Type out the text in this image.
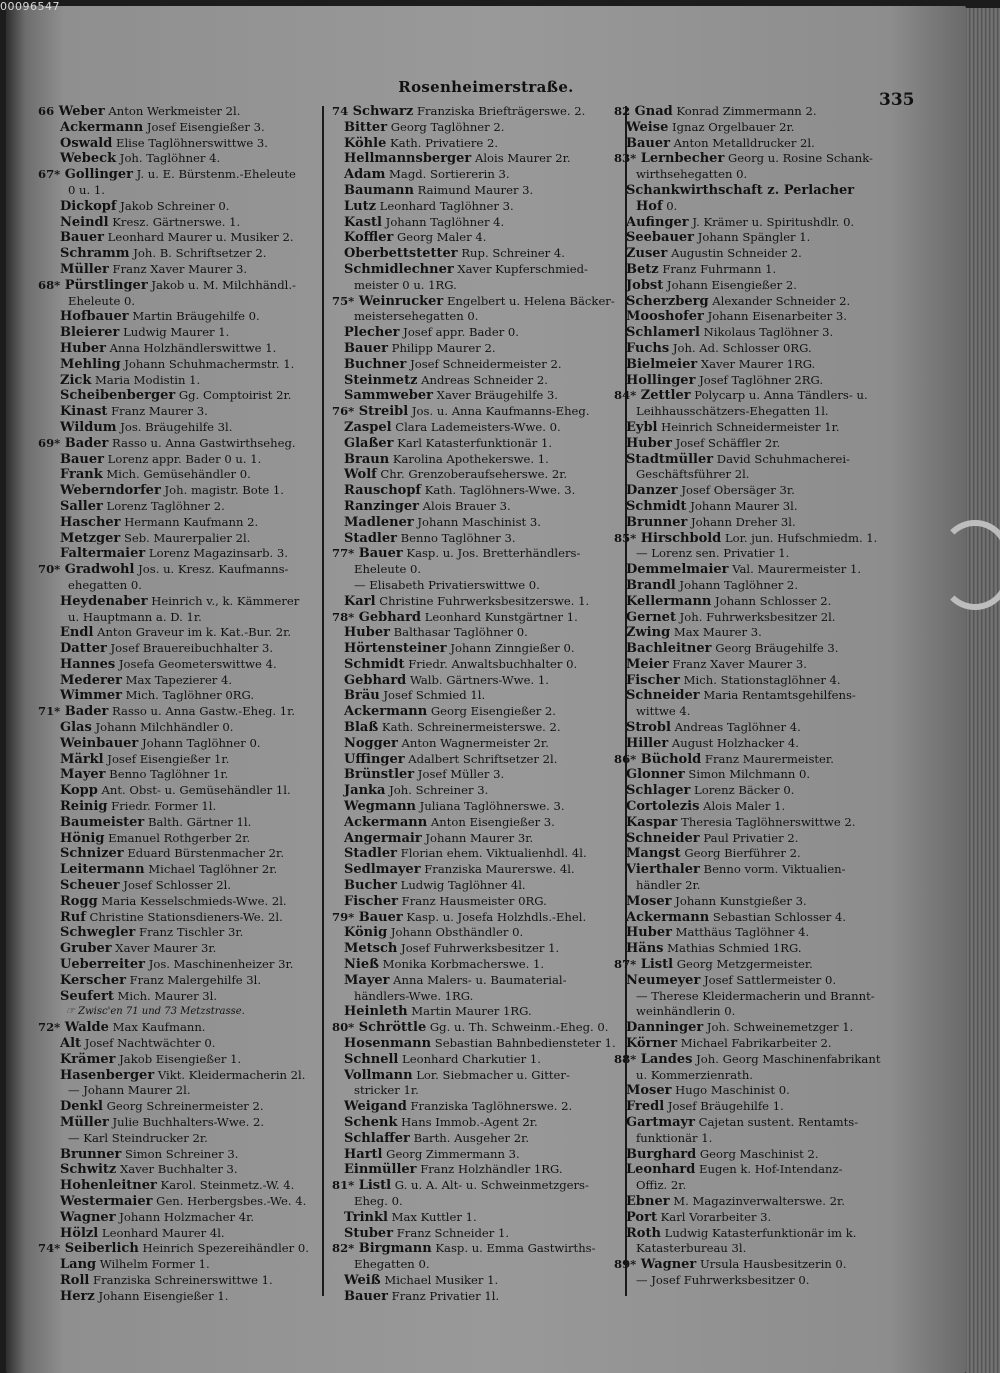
00096547
Rosenheimerstraße.
335
66 Weber Anton Werkmeister 2l.
Ackermann Josef Eisengießer 3.
Oswald Elise Taglöhnerswittwe 3.
Webeck Joh. Taglöhner 4.
67* Gollinger J. u. E. Bürstenm.-Eheleute
0 u. 1.
Dickopf Jakob Schreiner 0.
Neindl Kresz. Gärtnerswe. 1.
Bauer Leonhard Maurer u. Musiker 2.
Schramm Joh. B. Schriftsetzer 2.
Müller Franz Xaver Maurer 3.
68* Pürstlinger Jakob u. M. Milchhändl.-
Eheleute 0.
Hofbauer Martin Bräugehilfe 0.
Bleierer Ludwig Maurer 1.
Huber Anna Holzhändlerswittwe 1.
Mehling Johann Schuhmachermstr. 1.
Zick Maria Modistin 1.
Scheibenberger Gg. Comptoirist 2r.
Kinast Franz Maurer 3.
Wildum Jos. Bräugehilfe 3l.
69* Bader Rasso u. Anna Gastwirthseheg.
Bauer Lorenz appr. Bader 0 u. 1.
Frank Mich. Gemüsehändler 0.
Weberndorfer Joh. magistr. Bote 1.
Saller Lorenz Taglöhner 2.
Hascher Hermann Kaufmann 2.
Metzger Seb. Maurerpalier 2l.
Faltermaier Lorenz Magazinsarb. 3.
70* Gradwohl Jos. u. Kresz. Kaufmanns-
ehegatten 0.
Heydenaber Heinrich v., k. Kämmerer
u. Hauptmann a. D. 1r.
Endl Anton Graveur im k. Kat.-Bur. 2r.
Datter Josef Brauereibuchhalter 3.
Hannes Josefa Geometerswittwe 4.
Mederer Max Tapezierer 4.
Wimmer Mich. Taglöhner 0RG.
71* Bader Rasso u. Anna Gastw.-Eheg. 1r.
Glas Johann Milchhändler 0.
Weinbauer Johann Taglöhner 0.
Märkl Josef Eisengießer 1r.
Mayer Benno Taglöhner 1r.
Kopp Ant. Obst- u. Gemüsehändler 1l.
Reinig Friedr. Former 1l.
Baumeister Balth. Gärtner 1l.
Hönig Emanuel Rothgerber 2r.
Schnizer Eduard Bürstenmacher 2r.
Leitermann Michael Taglöhner 2r.
Scheuer Josef Schlosser 2l.
Rogg Maria Kesselschmieds-Wwe. 2l.
Ruf Christine Stationsdieners-We. 2l.
Schwegler Franz Tischler 3r.
Gruber Xaver Maurer 3r.
Ueberreiter Jos. Maschinenheizer 3r.
Kerscher Franz Malergehilfe 3l.
Seufert Mich. Maurer 3l.
☞ Zwisc'en 71 und 73 Metzstrasse.
72* Walde Max Kaufmann.
Alt Josef Nachtwächter 0.
Krämer Jakob Eisengießer 1.
Hasenberger Vikt. Kleidermacherin 2l.
— Johann Maurer 2l.
Denkl Georg Schreinermeister 2.
Müller Julie Buchhalters-Wwe. 2.
— Karl Steindrucker 2r.
Brunner Simon Schreiner 3.
Schwitz Xaver Buchhalter 3.
Hohenleitner Karol. Steinmetz.-W. 4.
Westermaier Gen. Herbergsbes.-We. 4.
Wagner Johann Holzmacher 4r.
Hölzl Leonhard Maurer 4l.
74* Seiberlich Heinrich Spezereihändler 0.
Lang Wilhelm Former 1.
Roll Franziska Schreinerswittwe 1.
Herz Johann Eisengießer 1.
74 Schwarz Franziska Briefträgerswe. 2.
Bitter Georg Taglöhner 2.
Köhle Kath. Privatiere 2.
Hellmannsberger Alois Maurer 2r.
Adam Magd. Sortiererin 3.
Baumann Raimund Maurer 3.
Lutz Leonhard Taglöhner 3.
Kastl Johann Taglöhner 4.
Koffler Georg Maler 4.
Oberbettstetter Rup. Schreiner 4.
Schmidlechner Xaver Kupferschmied-
meister 0 u. 1RG.
75* Weinrucker Engelbert u. Helena Bäcker-
meistersehegatten 0.
Plecher Josef appr. Bader 0.
Bauer Philipp Maurer 2.
Buchner Josef Schneidermeister 2.
Steinmetz Andreas Schneider 2.
Sammweber Xaver Bräugehilfe 3.
76* Streibl Jos. u. Anna Kaufmanns-Eheg.
Zaspel Clara Lademeisters-Wwe. 0.
Glaßer Karl Katasterfunktionär 1.
Braun Karolina Apothekerswe. 1.
Wolf Chr. Grenzoberaufseherswe. 2r.
Rauschopf Kath. Taglöhners-Wwe. 3.
Ranzinger Alois Brauer 3.
Madlener Johann Maschinist 3.
Stadler Benno Taglöhner 3.
77* Bauer Kasp. u. Jos. Bretterhändlers-
Eheleute 0.
— Elisabeth Privatierswittwe 0.
Karl Christine Fuhrwerksbesitzerswe. 1.
78* Gebhard Leonhard Kunstgärtner 1.
Huber Balthasar Taglöhner 0.
Hörtensteiner Johann Zinngießer 0.
Schmidt Friedr. Anwaltsbuchhalter 0.
Gebhard Walb. Gärtners-Wwe. 1.
Bräu Josef Schmied 1l.
Ackermann Georg Eisengießer 2.
Blaß Kath. Schreinermeisterswe. 2.
Nogger Anton Wagnermeister 2r.
Uffinger Adalbert Schriftsetzer 2l.
Brünstler Josef Müller 3.
Janka Joh. Schreiner 3.
Wegmann Juliana Taglöhnerswe. 3.
Ackermann Anton Eisengießer 3.
Angermair Johann Maurer 3r.
Stadler Florian ehem. Viktualienhdl. 4l.
Sedlmayer Franziska Maurerswe. 4l.
Bucher Ludwig Taglöhner 4l.
Fischer Franz Hausmeister 0RG.
79* Bauer Kasp. u. Josefa Holzhdls.-Ehel.
König Johann Obsthändler 0.
Metsch Josef Fuhrwerksbesitzer 1.
Nieß Monika Korbmacherswe. 1.
Mayer Anna Malers- u. Baumaterial-
händlers-Wwe. 1RG.
Heinleth Martin Maurer 1RG.
80* Schröttle Gg. u. Th. Schweinm.-Eheg. 0.
Hosenmann Sebastian Bahnbediensteter 1.
Schnell Leonhard Charkutier 1.
Vollmann Lor. Siebmacher u. Gitter-
stricker 1r.
Weigand Franziska Taglöhnerswe. 2.
Schenk Hans Immob.-Agent 2r.
Schlaffer Barth. Ausgeher 2r.
Hartl Georg Zimmermann 3.
Einmüller Franz Holzhändler 1RG.
81* Listl G. u. A. Alt- u. Schweinmetzgers-
Eheg. 0.
Trinkl Max Kuttler 1.
Stuber Franz Schneider 1.
82* Birgmann Kasp. u. Emma Gastwirths-
Ehegatten 0.
Weiß Michael Musiker 1.
Bauer Franz Privatier 1l.
82 Gnad Konrad Zimmermann 2.
Weise Ignaz Orgelbauer 2r.
Bauer Anton Metalldrucker 2l.
83* Lernbecher Georg u. Rosine Schank-
wirthsehegatten 0.
Schankwirthschaft z. Perlacher
Hof 0.
Aufinger J. Krämer u. Spiritushdlr. 0.
Seebauer Johann Spängler 1.
Zuser Augustin Schneider 2.
Betz Franz Fuhrmann 1.
Jobst Johann Eisengießer 2.
Scherzberg Alexander Schneider 2.
Mooshofer Johann Eisenarbeiter 3.
Schlamerl Nikolaus Taglöhner 3.
Fuchs Joh. Ad. Schlosser 0RG.
Bielmeier Xaver Maurer 1RG.
Hollinger Josef Taglöhner 2RG.
84* Zettler Polycarp u. Anna Tändlers- u.
Leihhausschätzers-Ehegatten 1l.
Eybl Heinrich Schneidermeister 1r.
Huber Josef Schäffler 2r.
Stadtmüller David Schuhmacherei-
Geschäftsführer 2l.
Danzer Josef Obersäger 3r.
Schmidt Johann Maurer 3l.
Brunner Johann Dreher 3l.
85* Hirschbold Lor. jun. Hufschmiedm. 1.
— Lorenz sen. Privatier 1.
Demmelmaier Val. Maurermeister 1.
Brandl Johann Taglöhner 2.
Kellermann Johann Schlosser 2.
Gernet Joh. Fuhrwerksbesitzer 2l.
Zwing Max Maurer 3.
Bachleitner Georg Bräugehilfe 3.
Meier Franz Xaver Maurer 3.
Fischer Mich. Stationstaglöhner 4.
Schneider Maria Rentamtsgehilfens-
wittwe 4.
Strobl Andreas Taglöhner 4.
Hiller August Holzhacker 4.
86* Büchold Franz Maurermeister.
Glonner Simon Milchmann 0.
Schlager Lorenz Bäcker 0.
Cortolezis Alois Maler 1.
Kaspar Theresia Taglöhnerswittwe 2.
Schneider Paul Privatier 2.
Mangst Georg Bierführer 2.
Vierthaler Benno vorm. Viktualien-
händler 2r.
Moser Johann Kunstgießer 3.
Ackermann Sebastian Schlosser 4.
Huber Matthäus Taglöhner 4.
Häns Mathias Schmied 1RG.
87* Listl Georg Metzgermeister.
Neumeyer Josef Sattlermeister 0.
— Therese Kleidermacherin und Brannt-
weinhändlerin 0.
Danninger Joh. Schweinemetzger 1.
Körner Michael Fabrikarbeiter 2.
88* Landes Joh. Georg Maschinenfabrikant
u. Kommerzienrath.
Moser Hugo Maschinist 0.
Fredl Josef Bräugehilfe 1.
Gartmayr Cajetan sustent. Rentamts-
funktionär 1.
Burghard Georg Maschinist 2.
Leonhard Eugen k. Hof-Intendanz-
Offiz. 2r.
Ebner M. Magazinverwalterswe. 2r.
Port Karl Vorarbeiter 3.
Roth Ludwig Katasterfunktionär im k.
Katasterbureau 3l.
89* Wagner Ursula Hausbesitzerin 0.
— Josef Fuhrwerksbesitzer 0.
